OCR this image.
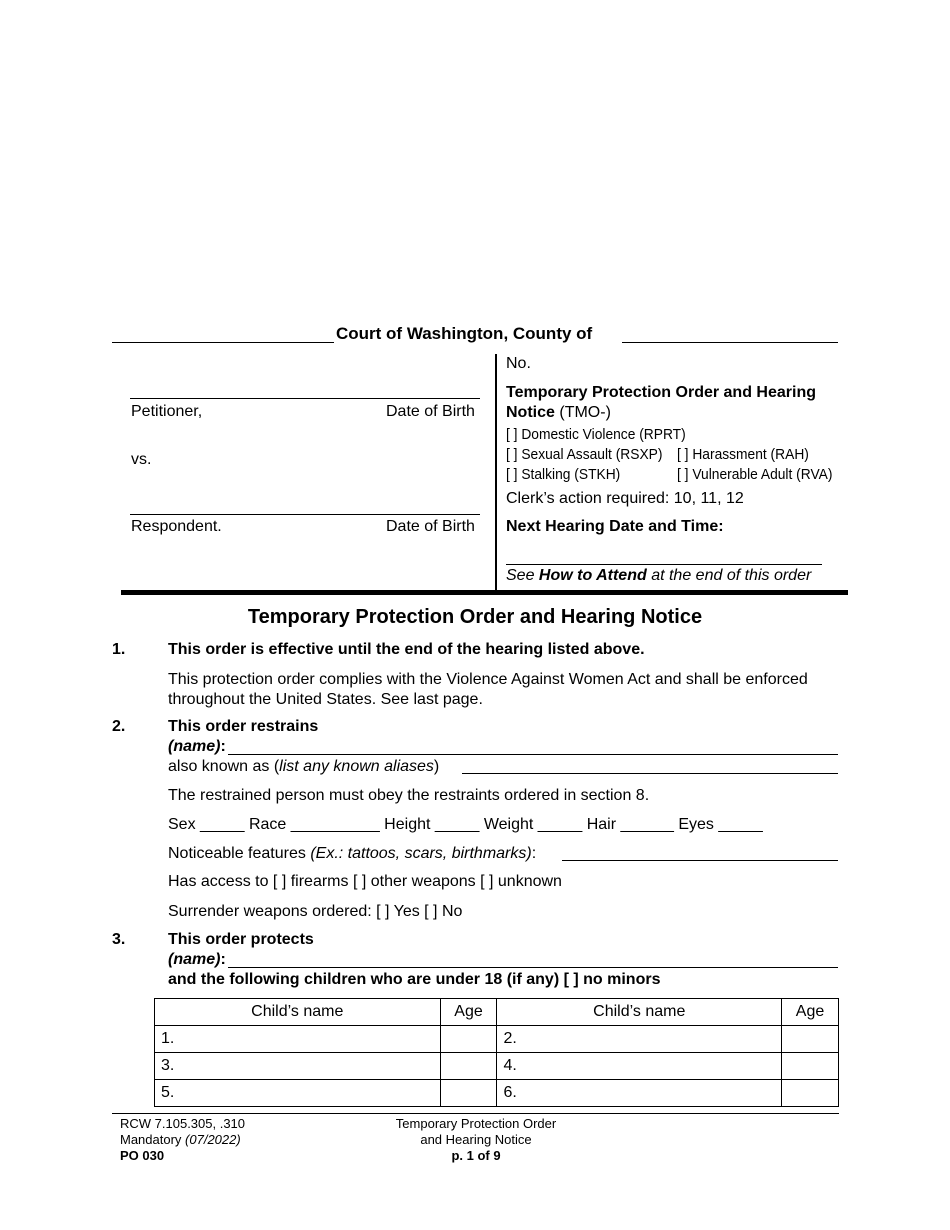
Court of Washington, County of
Petitioner,	Date of Birth
vs.
Respondent.	Date of Birth
No.
Temporary Protection Order and Hearing Notice (TMO-)
[ ] Domestic Violence (RPRT)
[ ] Sexual Assault (RSXP) [ ] Harassment (RAH)
[ ] Stalking (STKH)	[ ] Vulnerable Adult (RVA)
Clerk’s action required: 10, 11, 12
Next Hearing Date and Time:
See How to Attend at the end of this order
Temporary Protection Order and Hearing Notice
1.	This order is effective until the end of the hearing listed above.
This protection order complies with the Violence Against Women Act and shall be enforced throughout the United States. See last page.
2.	This order restrains
(name):
also known as (list any known aliases)
The restrained person must obey the restraints ordered in section 8.
Sex _____ Race __________ Height _____ Weight _____ Hair ______ Eyes _____
Noticeable features (Ex.: tattoos, scars, birthmarks):
Has access to [ ] firearms [ ] other weapons [ ] unknown
Surrender weapons ordered: [ ] Yes [ ] No
3.	This order protects
(name):
and the following children who are under 18 (if any) [ ] no minors
Child’s name	Age	Child’s name	Age
1.		2.	
3.		4.	
5.		6.	
RCW 7.105.305, .310
Mandatory (07/2022)
PO 030
Temporary Protection Order
and Hearing Notice
p. 1 of 9
